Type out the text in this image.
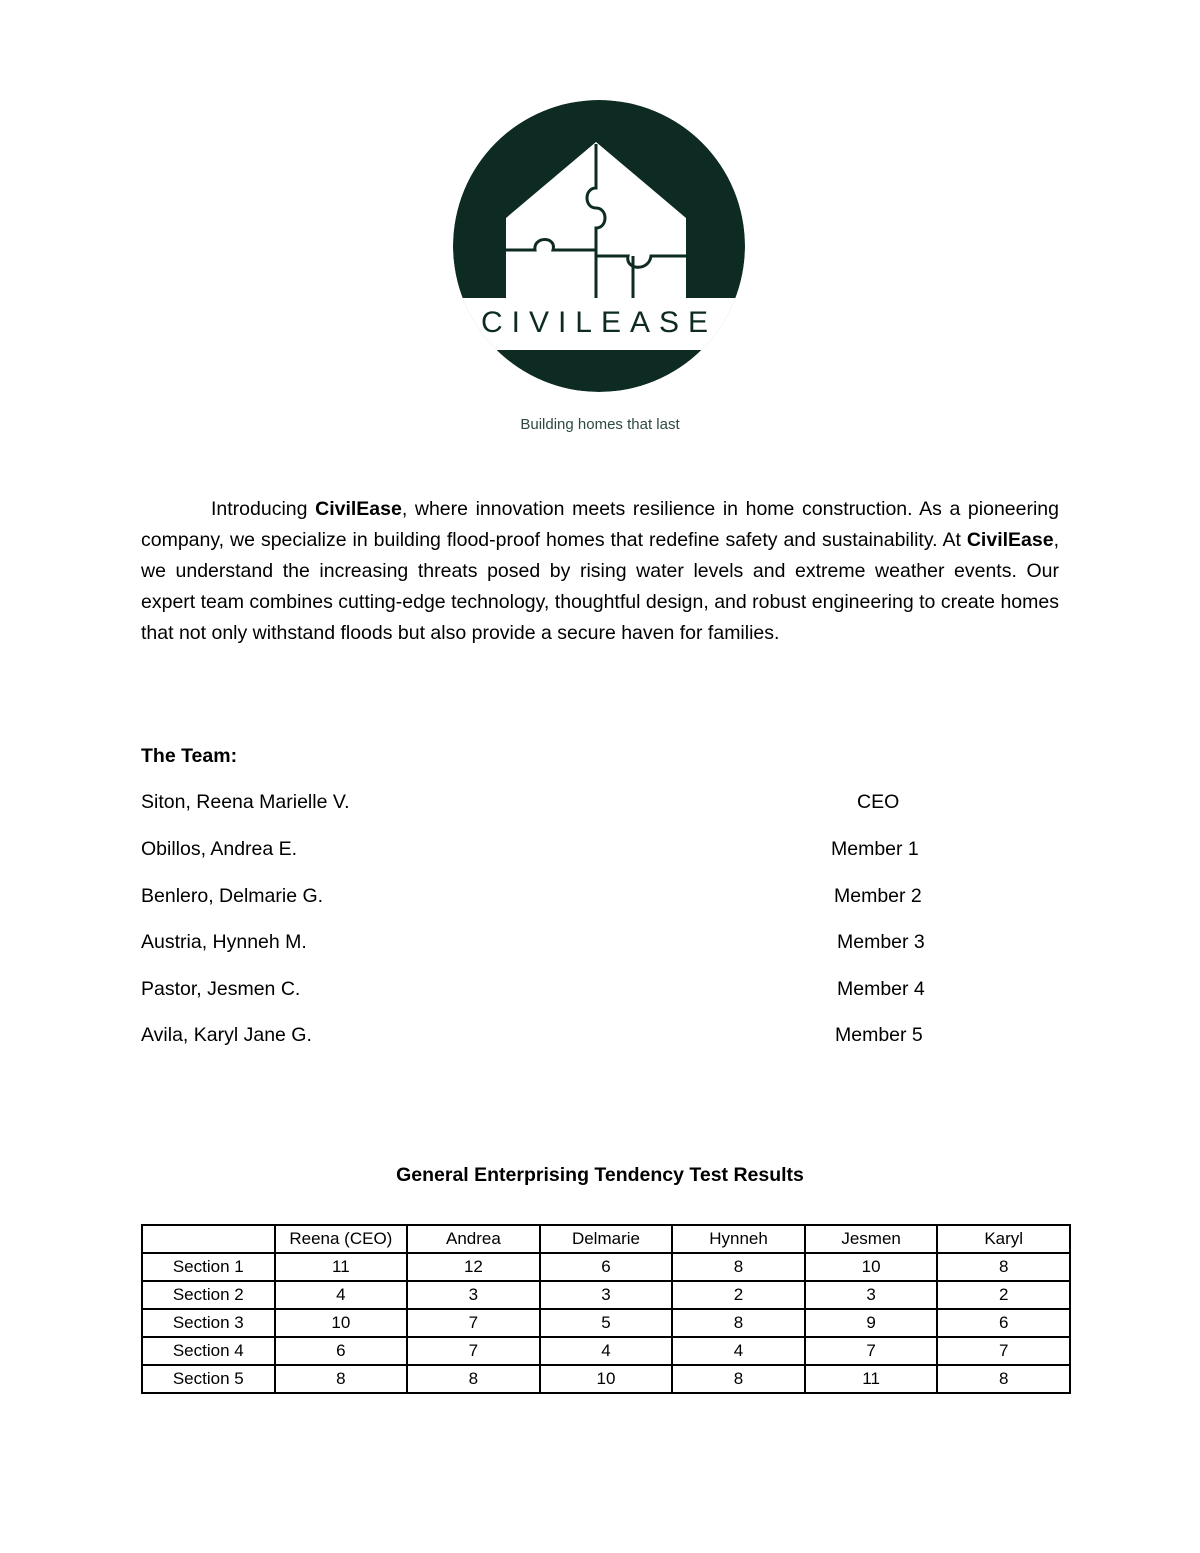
CIVILEASE
Building homes that last

Introducing CivilEase, where innovation meets resilience in home construction. As a pioneering company, we specialize in building flood-proof homes that redefine safety and sustainability. At CivilEase, we understand the increasing threats posed by rising water levels and extreme weather events. Our expert team combines cutting-edge technology, thoughtful design, and robust engineering to create homes that not only withstand floods but also provide a secure haven for families.

The Team:
Siton, Reena Marielle V.	CEO
Obillos, Andrea E.	Member 1
Benlero, Delmarie G.	Member 2
Austria, Hynneh M.	Member 3
Pastor, Jesmen C.	Member 4
Avila, Karyl Jane G.	Member 5
General Enterprising Tendency Test Results
	Reena (CEO)	Andrea	Delmarie	Hynneh	Jesmen	Karyl
Section 1	11	12	6	8	10	8
Section 2	4	3	3	2	3	2
Section 3	10	7	5	8	9	6
Section 4	6	7	4	4	7	7
Section 5	8	8	10	8	11	8
